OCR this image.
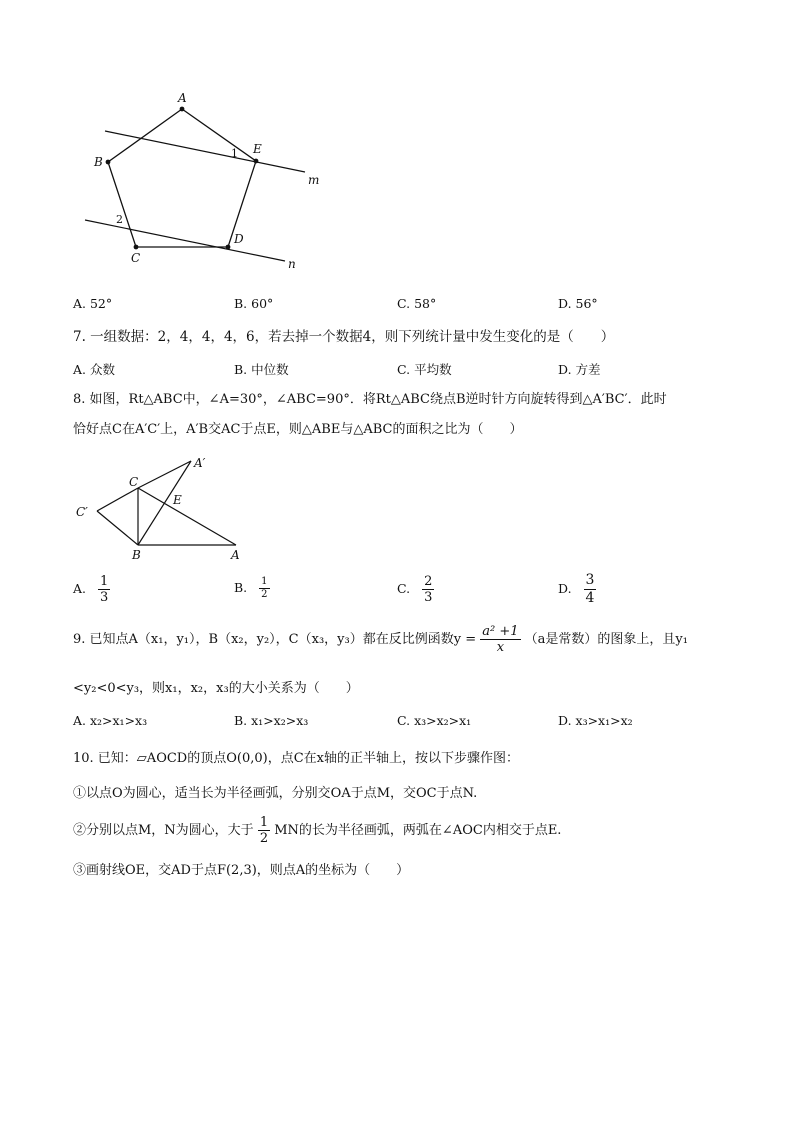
A
B
C
D
E
m
n
1
2
A. 52°	B. 60°	C. 58°	D. 56°
7. 一组数据：2，4，4，4，6，若去掉一个数据4，则下列统计量中发生变化的是（　　）
A. 众数	B. 中位数	C. 平均数	D. 方差
8. 如图，Rt△ABC中，∠A=30°，∠ABC=90°．将Rt△ABC绕点B逆时针方向旋转得到△A′BC′．此时
恰好点C在A′C′上，A′B交AC于点E，则△ABE与△ABC的面积之比为（　　）
A′
C
E
C′
B	A
A. $\frac{1}{3}$	B. $\frac{1}{2}$	C. $\frac{2}{3}$	D. $\frac{3}{4}$
9. 已知点A（x₁，y₁），B（x₂，y₂），C（x₃，y₃）都在反比例函数$y = \frac{\text{a² +1}}{x} (a$是常数）的图象上，且y₁
<y₂<0<y₃，则x₁，x₂，x₃的大小关系为（　　）
A. x₂>x₁>x₃	B. x₁>x₂>x₃	C. x₃>x₂>x₁	D. x₃>x₁>x₂
10. 已知：▱AOCD的顶点O(0,0)，点C在x轴的正半轴上，按以下步骤作图：
①以点O为圆心，适当长为半径画弧，分别交OA于点M，交OC于点N.
②分别以点M，N为圆心，大于 $\frac{1}{2}$ MN的长为半径画弧，两弧在∠AOC内相交于点E.
③画射线OE，交AD于点F(2,3)，则点A的坐标为（　　）
